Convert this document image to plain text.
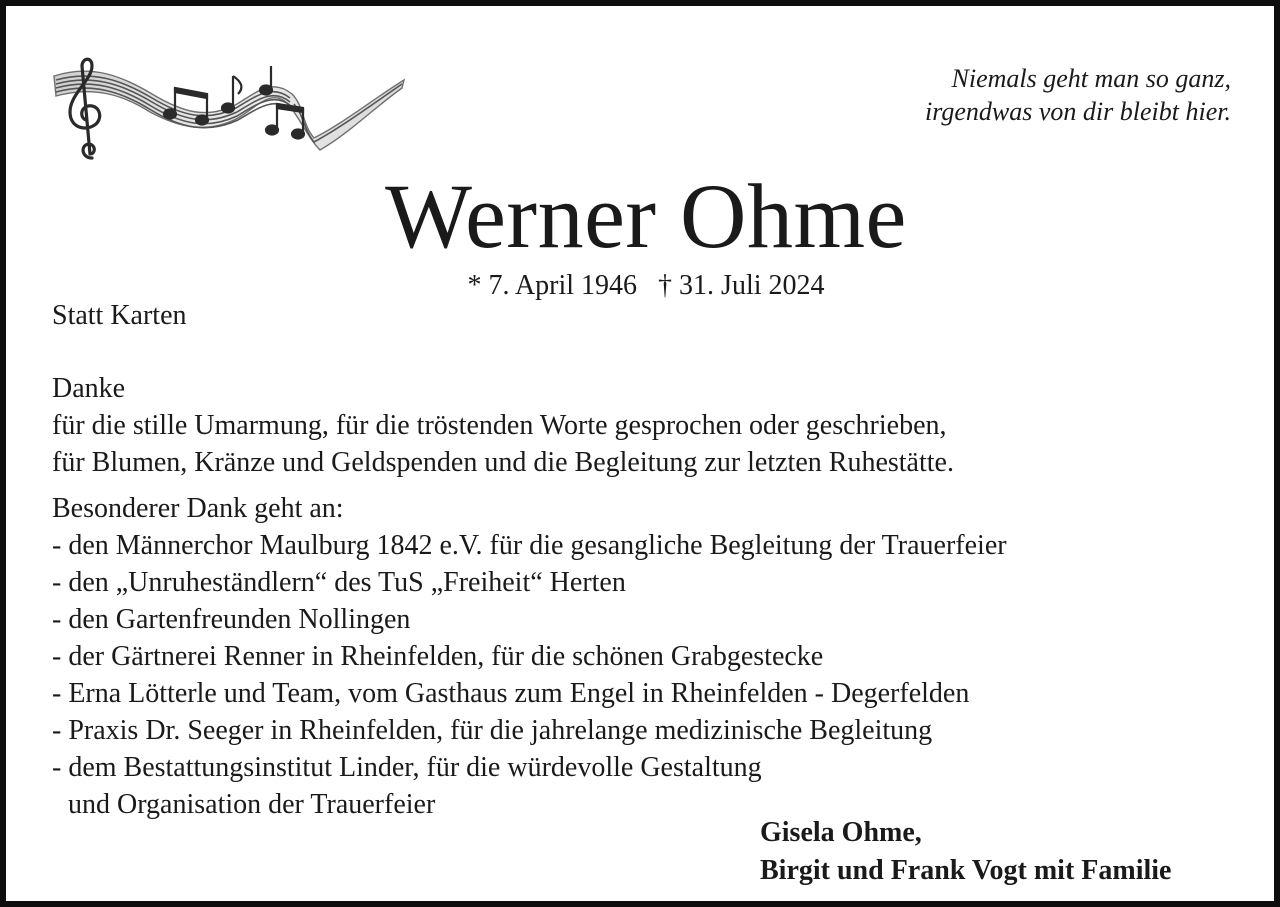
Niemals geht man so ganz,
irgendwas von dir bleibt hier.
Werner Ohme
* 7. April 1946 † 31. Juli 2024
Statt Karten
Danke
für die stille Umarmung, für die tröstenden Worte gesprochen oder geschrieben,
für Blumen, Kränze und Geldspenden und die Begleitung zur letzten Ruhestätte.
Besonderer Dank geht an:
- den Männerchor Maulburg 1842 e.V. für die gesangliche Begleitung der Trauerfeier
- den „Unruheständlern“ des TuS „Freiheit“ Herten
- den Gartenfreunden Nollingen
- der Gärtnerei Renner in Rheinfelden, für die schönen Grabgestecke
- Erna Lötterle und Team, vom Gasthaus zum Engel in Rheinfelden - Degerfelden
- Praxis Dr. Seeger in Rheinfelden, für die jahrelange medizinische Begleitung
- dem Bestattungsinstitut Linder, für die würdevolle Gestaltung
und Organisation der Trauerfeier
Gisela Ohme,
Birgit und Frank Vogt mit Familie
